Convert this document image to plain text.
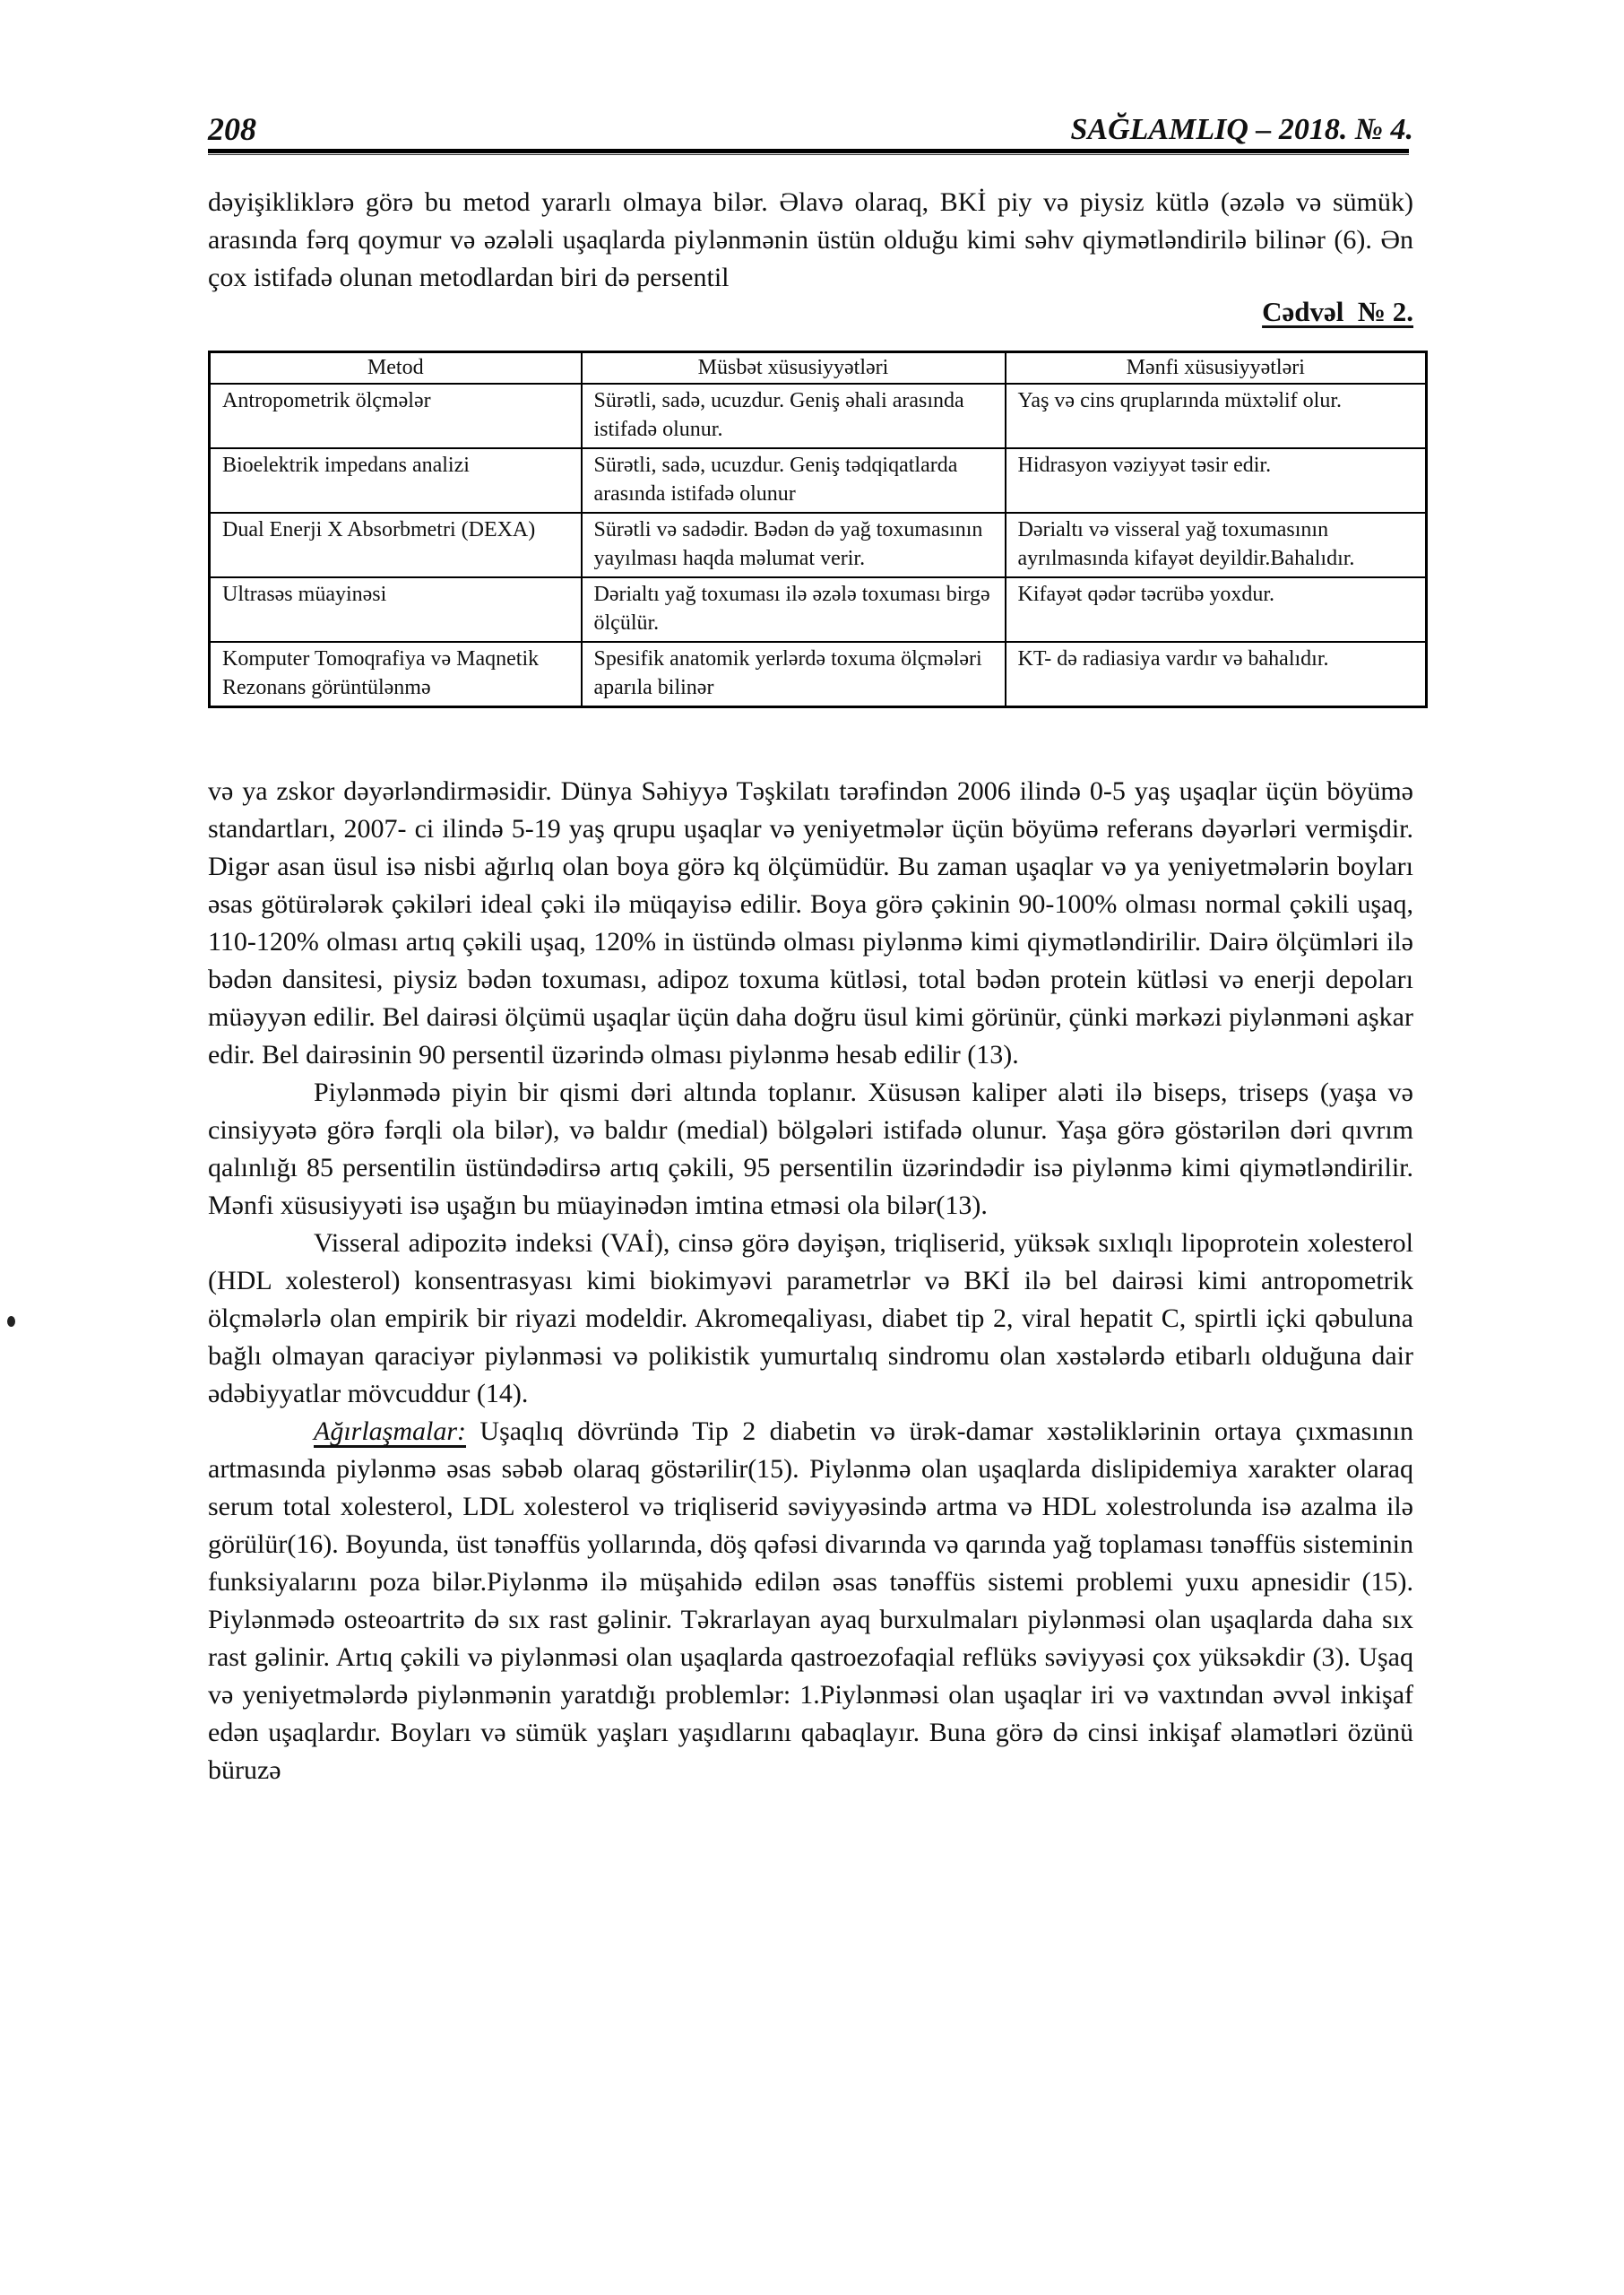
208	SAĞLAMLIQ – 2018. № 4.

dəyişikliklərə görə bu metod yararlı olmaya bilər. Əlavə olaraq, BKİ piy və piysiz kütlə (əzələ və sümük) arasında fərq qoymur və əzələli uşaqlarda piylənmənin üstün olduğu kimi səhv qiymətləndirilə bilinər (6). Ən çox istifadə olunan metodlardan biri də persentil

Cədvəl  № 2.
Metod	Müsbət xüsusiyyətləri	Mənfi xüsusiyyətləri
Antropometrik ölçmələr	Sürətli, sadə, ucuzdur. Geniş əhali arasında istifadə olunur.	Yaş və cins qruplarında müxtəlif olur.
Bioelektrik impedans analizi	Sürətli, sadə, ucuzdur. Geniş tədqiqatlarda arasında istifadə olunur	Hidrasyon vəziyyət təsir edir.
Dual Enerji X Absorbmetri (DEXA)	Sürətli və sadədir. Bədən də yağ toxumasının yayılması haqda məlumat verir.	Dərialtı və visseral yağ toxumasının ayrılmasında kifayət deyildir.Bahalıdır.
Ultrasəs müayinəsi	Dərialtı yağ toxuması ilə əzələ toxuması birgə ölçülür.	Kifayət qədər təcrübə yoxdur.
Komputer Tomoqrafiya və Maqnetik Rezonans görüntülənmə	Spesifik anatomik yerlərdə toxuma ölçmələri aparıla bilinər	KT- də radiasiya vardır və bahalıdır.

və ya zskor dəyərləndirməsidir. Dünya Səhiyyə Təşkilatı tərəfindən 2006 ilində 0-5 yaş uşaqlar üçün böyümə standartları, 2007- ci ilində 5-19 yaş qrupu uşaqlar və yeniyetmələr üçün böyümə referans dəyərləri vermişdir. Digər asan üsul isə nisbi ağırlıq olan boya görə kq ölçümüdür. Bu zaman uşaqlar və ya yeniyetmələrin boyları əsas götürələrək çəkiləri ideal çəki ilə müqayisə edilir. Boya görə çəkinin 90-100% olması normal çəkili uşaq, 110-120% olması artıq çəkili uşaq, 120% in üstündə olması piylənmə kimi qiymətləndirilir. Dairə ölçümləri ilə bədən dansitesi, piysiz bədən toxuması, adipoz toxuma kütləsi, total bədən protein kütləsi və enerji depoları müəyyən edilir. Bel dairəsi ölçümü uşaqlar üçün daha doğru üsul kimi görünür, çünki mərkəzi piylənməni aşkar edir. Bel dairəsinin 90 persentil üzərində olması piylənmə hesab edilir (13).

Piylənmədə piyin bir qismi dəri altında toplanır. Xüsusən kaliper aləti ilə biseps, triseps (yaşa və cinsiyyətə görə fərqli ola bilər), və baldır (medial) bölgələri istifadə olunur. Yaşa görə göstərilən dəri qıvrım qalınlığı 85 persentilin üstündədirsə artıq çəkili, 95 persentilin üzərindədir isə piylənmə kimi qiymətləndirilir. Mənfi xüsusiyyəti isə uşağın bu müayinədən imtina etməsi ola bilər(13).

Visseral adipozitə indeksi (VAİ), cinsə görə dəyişən, triqliserid, yüksək sıxlıqlı lipoprotein xolesterol (HDL xolesterol) konsentrasyası kimi biokimyəvi parametrlər və BKİ ilə bel dairəsi kimi antropometrik ölçmələrlə olan empirik bir riyazi modeldir. Akromeqaliyası, diabet tip 2, viral hepatit C, spirtli içki qəbuluna bağlı olmayan qaraciyər piylənməsi və polikistik yumurtalıq sindromu olan xəstələrdə etibarlı olduğuna dair ədəbiyyatlar mövcuddur (14).

Ağırlaşmalar: Uşaqlıq dövründə Tip 2 diabetin və ürək-damar xəstəliklərinin ortaya çıxmasının artmasında piylənmə əsas səbəb olaraq göstərilir(15). Piylənmə olan uşaqlarda dislipidemiya xarakter olaraq serum total xolesterol, LDL xolesterol və triqliserid səviyyəsində artma və HDL xolestrolunda isə azalma ilə görülür(16). Boyunda, üst tənəffüs yollarında, döş qəfəsi divarında və qarında yağ toplaması tənəffüs sisteminin funksiyalarını poza bilər.Piylənmə ilə müşahidə edilən əsas tənəffüs sistemi problemi yuxu apnesidir (15). Piylənmədə osteoartritə də sıx rast gəlinir. Təkrarlayan ayaq burxulmaları piylənməsi olan uşaqlarda daha sıx rast gəlinir. Artıq çəkili və piylənməsi olan uşaqlarda qastroezofaqial reflüks səviyyəsi çox yüksəkdir (3). Uşaq və yeniyetmələrdə piylənmənin yaratdığı problemlər: 1.Piylənməsi olan uşaqlar iri və vaxtından əvvəl inkişaf edən uşaqlardır. Boyları və sümük yaşları yaşıdlarını qabaqlayır. Buna görə də cinsi inkişaf əlamətləri özünü büruzə
